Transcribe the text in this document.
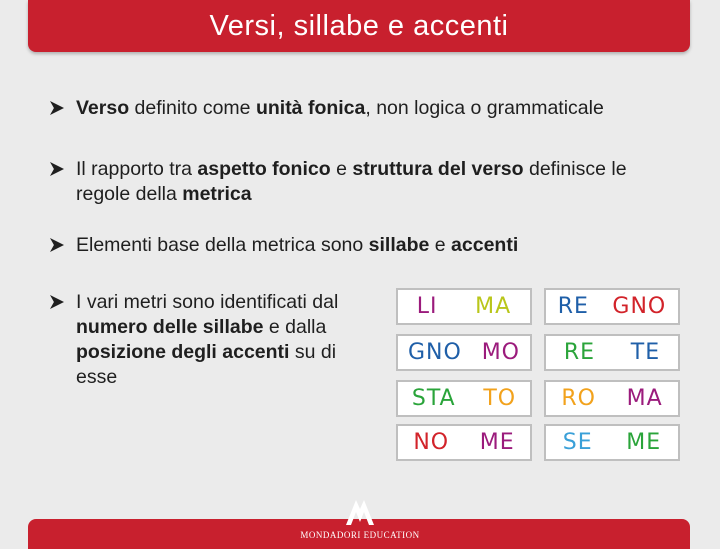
Versi, sillabe e accenti
Verso definito come unità fonica, non logica o grammaticale
Il rapporto tra aspetto fonico e struttura del verso definisce le regole della metrica
Elementi base della metrica sono sillabe e accenti
I vari metri sono identificati dal numero delle sillabe e dalla posizione degli accenti su di esse
LI MA RE GNO
GNO MO RE TE
STA TO RO MA
NO ME SE ME
MONDADORI EDUCATION
